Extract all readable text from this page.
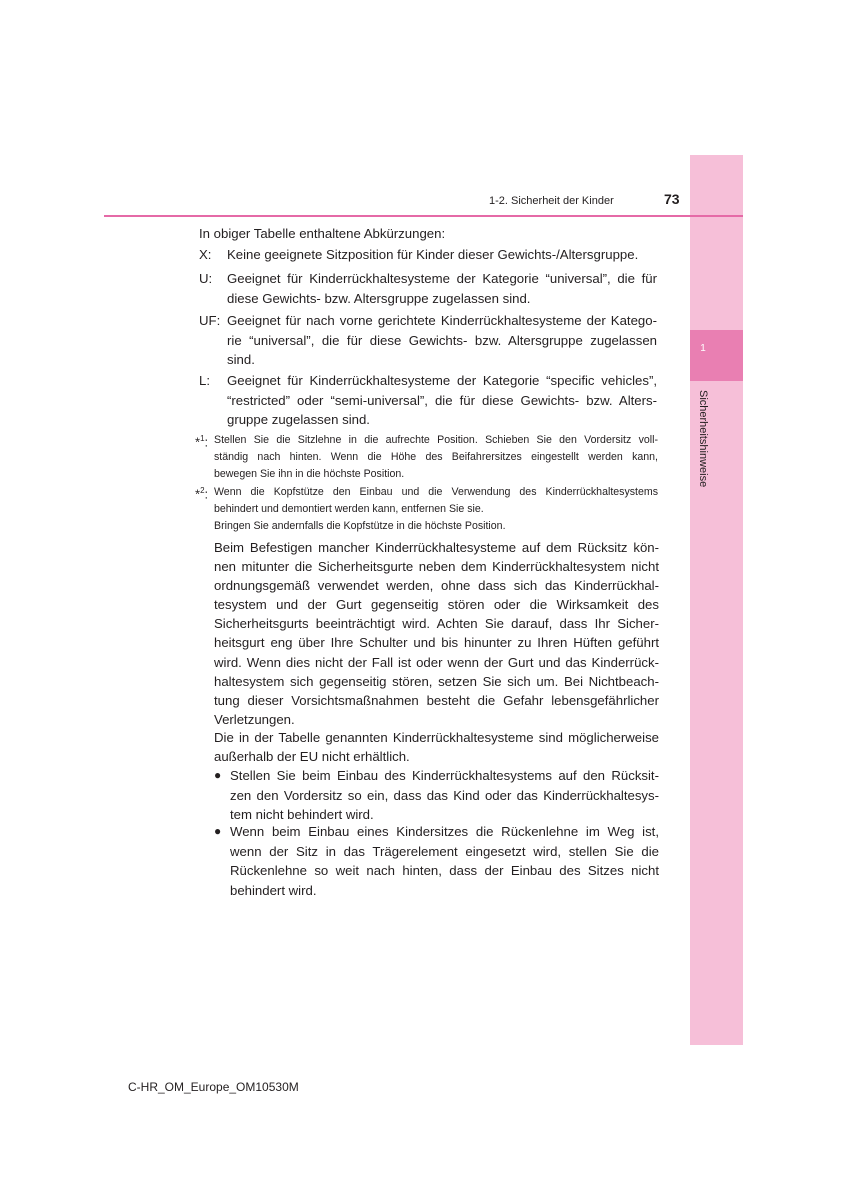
1
Sicherheitshinweise
1-2. Sicherheit der Kinder	73
In obiger Tabelle enthaltene Abkürzungen:
X: Keine geeignete Sitzposition für Kinder dieser Gewichts-/Altersgruppe.
U: Geeignet für Kinderrückhaltesysteme der Kategorie “universal”, die für
diese Gewichts- bzw. Altersgruppe zugelassen sind.
UF: Geeignet für nach vorne gerichtete Kinderrückhaltesysteme der Katego-
rie “universal”, die für diese Gewichts- bzw. Altersgruppe zugelassen
sind.
L: Geeignet für Kinderrückhaltesysteme der Kategorie “specific vehicles”,
“restricted” oder “semi-universal”, die für diese Gewichts- bzw. Alters-
gruppe zugelassen sind.
*$^1$: Stellen Sie die Sitzlehne in die aufrechte Position. Schieben Sie den Vordersitz voll-
ständig nach hinten. Wenn die Höhe des Beifahrersitzes eingestellt werden kann,
bewegen Sie ihn in die höchste Position.
*$^2$: Wenn die Kopfstütze den Einbau und die Verwendung des Kinderrückhaltesystems
behindert und demontiert werden kann, entfernen Sie sie.
Bringen Sie andernfalls die Kopfstütze in die höchste Position.
Beim Befestigen mancher Kinderrückhaltesysteme auf dem Rücksitz kön-
nen mitunter die Sicherheitsgurte neben dem Kinderrückhaltesystem nicht
ordnungsgemäß verwendet werden, ohne dass sich das Kinderrückhal-
tesystem und der Gurt gegenseitig stören oder die Wirksamkeit des
Sicherheitsgurts beeinträchtigt wird. Achten Sie darauf, dass Ihr Sicher-
heitsgurt eng über Ihre Schulter und bis hinunter zu Ihren Hüften geführt
wird. Wenn dies nicht der Fall ist oder wenn der Gurt und das Kinderrück-
haltesystem sich gegenseitig stören, setzen Sie sich um. Bei Nichtbeach-
tung dieser Vorsichtsmaßnahmen besteht die Gefahr lebensgefährlicher
Verletzungen.
Die in der Tabelle genannten Kinderrückhaltesysteme sind möglicherweise
außerhalb der EU nicht erhältlich.
● Stellen Sie beim Einbau des Kinderrückhaltesystems auf den Rücksit-
zen den Vordersitz so ein, dass das Kind oder das Kinderrückhaltesys-
tem nicht behindert wird.
● Wenn beim Einbau eines Kindersitzes die Rückenlehne im Weg ist,
wenn der Sitz in das Trägerelement eingesetzt wird, stellen Sie die
Rückenlehne so weit nach hinten, dass der Einbau des Sitzes nicht
behindert wird.
C-HR_OM_Europe_OM10530M
